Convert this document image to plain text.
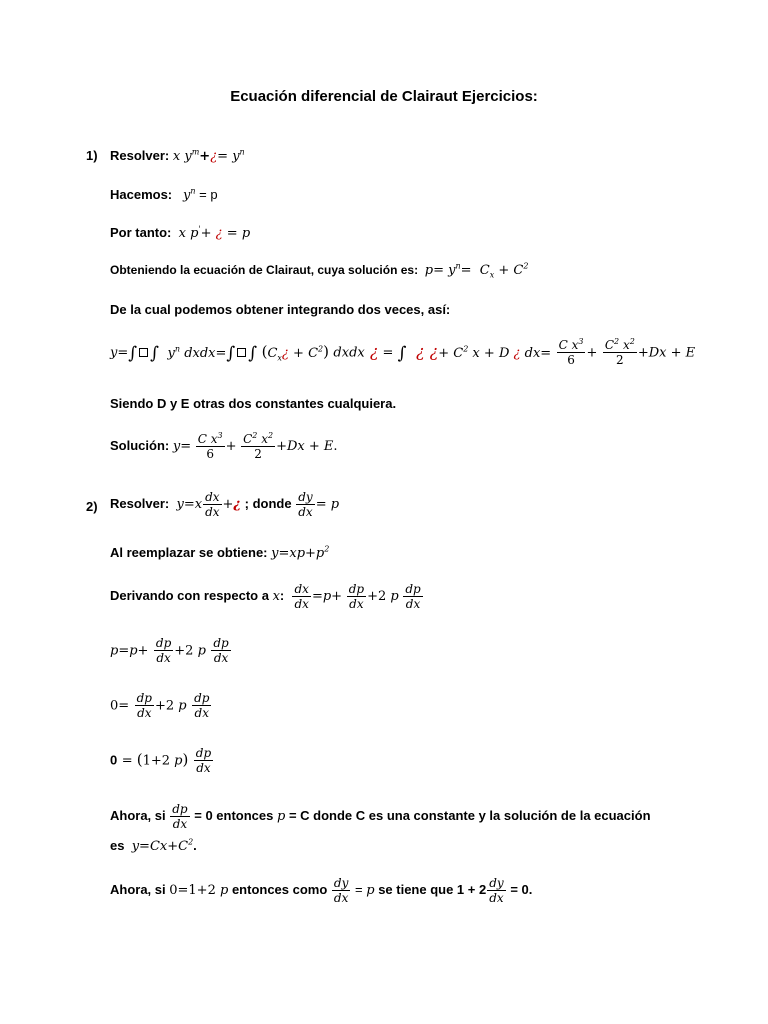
Ecuación diferencial de Clairaut Ejercicios:
1) Resolver: x $y^m+¿= y^n$
Hacemos: $y^n = p$
Por tanto: x p'+ ¿ = p
Obteniendo la ecuación de Clairaut, cuya solución es: $p= y^n= C_x + C^2$
De la cual podemos obtener integrando dos veces, así:
y=∫ ∫  $y^n$ dxdx=∫ ∫ $(C_x¿ + C^2)$ dxdx ¿ = ∫  ¿ ¿+ $C^2$ x + D ¿ $dx= \frac{C x^3}{6} + \frac{C^2 x^2}{2} +Dx + E$
Siendo D y E otras dos constantes cualquiera.
Solución: $y= \frac{C x^3}{6} + \frac{C^2 x^2}{2} +Dx + E$.
2) Resolver: $y=x \frac{dx}{dx}$ +¿ ; donde $\frac{dy}{dx} = p$
Al reemplazar se obtiene: $y=xp+p^2$
Derivando con respecto a x: $\frac{dx}{dx} =p+ \frac{dp}{dx} +2$ p $\frac{dp}{dx}$
$p=p+ \frac{dp}{dx} +2$ p $\frac{dp}{dx}$
$0= \frac{dp}{dx} +2$ p $\frac{dp}{dx}$
0 = (1+2 $p) \frac{dp}{dx}$
Ahora, si $\frac{dp}{dx} = 0$ entonces p = C donde C es una constante y la solución de la ecuación
es $y=Cx+C^2$.
Ahora, si 0=1+2 p entonces como $\frac{dy}{dx} = p$ se tiene que $1 + 2 \frac{dy}{dx} = 0$.
